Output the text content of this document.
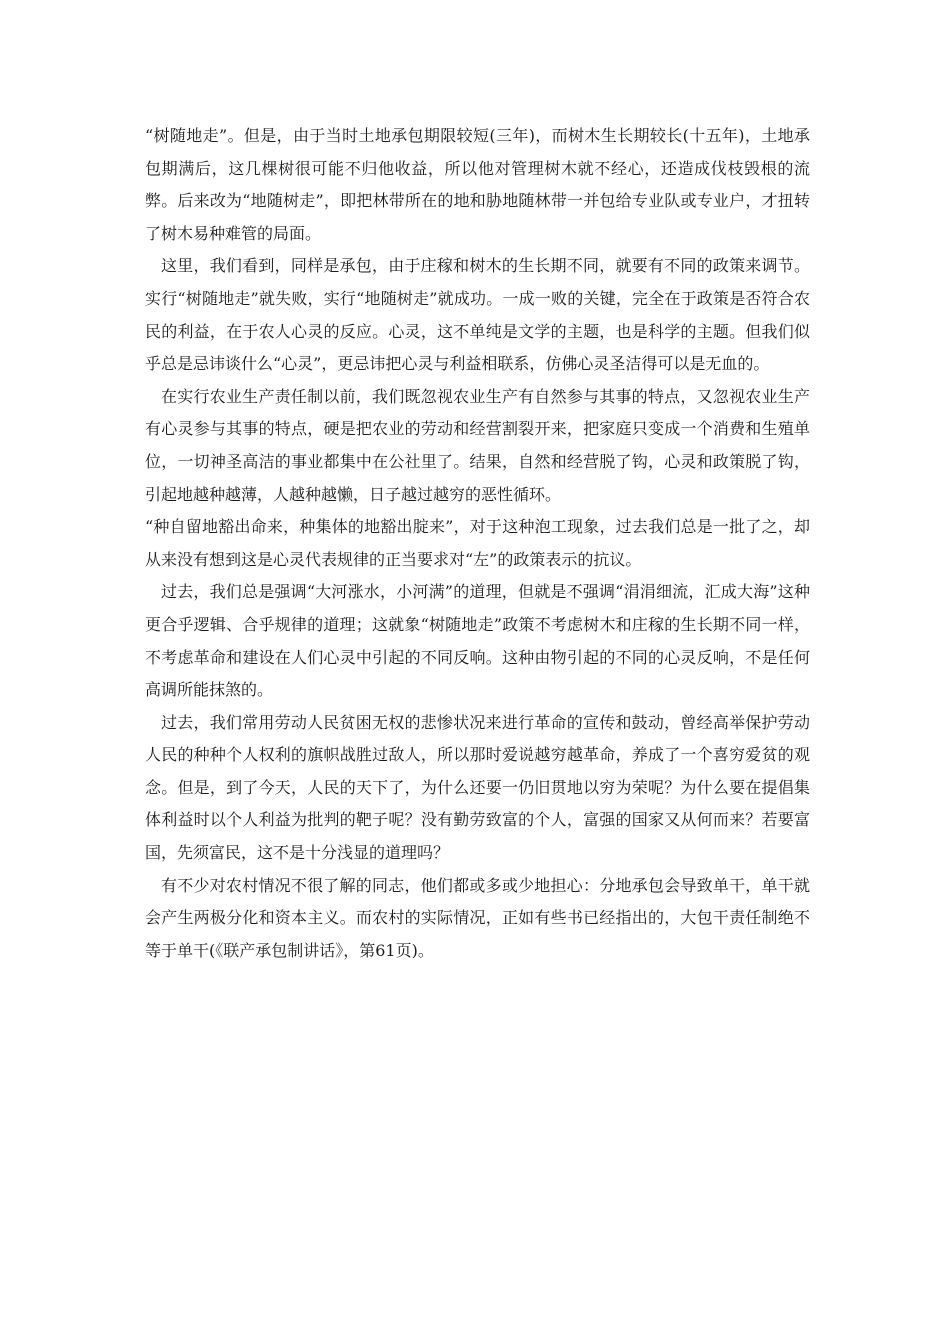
“树随地走”。但是，由于当时土地承包期限较短(三年)，而树木生长期较长(十五年)，土地承包期满后，这几棵树很可能不归他收益，所以他对管理树木就不经心，还造成伐枝毁根的流弊。后来改为“地随树走”，即把林带所在的地和胁地随林带一并包给专业队或专业户，才扭转了树木易种难管的局面。

这里，我们看到，同样是承包，由于庄稼和树木的生长期不同，就要有不同的政策来调节。实行“树随地走”就失败，实行“地随树走”就成功。一成一败的关键，完全在于政策是否符合农民的利益，在于农人心灵的反应。心灵，这不单纯是文学的主题，也是科学的主题。但我们似乎总是忌讳谈什么“心灵”，更忌讳把心灵与利益相联系，仿佛心灵圣洁得可以是无血的。

在实行农业生产责任制以前，我们既忽视农业生产有自然参与其事的特点，又忽视农业生产有心灵参与其事的特点，硬是把农业的劳动和经营割裂开来，把家庭只变成一个消费和生殖单位，一切神圣高洁的事业都集中在公社里了。结果，自然和经营脱了钩，心灵和政策脱了钩，引起地越种越薄，人越种越懒，日子越过越穷的恶性循环。

“种自留地豁出命来，种集体的地豁出腚来”，对于这种泡工现象，过去我们总是一批了之，却从来没有想到这是心灵代表规律的正当要求对“左”的政策表示的抗议。

过去，我们总是强调“大河涨水，小河满”的道理，但就是不强调“涓涓细流，汇成大海”这种更合乎逻辑、合乎规律的道理；这就象“树随地走”政策不考虑树木和庄稼的生长期不同一样，不考虑革命和建设在人们心灵中引起的不同反响。这种由物引起的不同的心灵反响，不是任何高调所能抹煞的。

过去，我们常用劳动人民贫困无权的悲惨状况来进行革命的宣传和鼓动，曾经高举保护劳动人民的种种个人权利的旗帜战胜过敌人，所以那时爱说越穷越革命，养成了一个喜穷爱贫的观念。但是，到了今天，人民的天下了，为什么还要一仍旧贯地以穷为荣呢？为什么要在提倡集体利益时以个人利益为批判的靶子呢？没有勤劳致富的个人，富强的国家又从何而来？若要富国，先须富民，这不是十分浅显的道理吗？

有不少对农村情况不很了解的同志，他们都或多或少地担心：分地承包会导致单干，单干就会产生两极分化和资本主义。而农村的实际情况，正如有些书已经指出的，大包干责任制绝不等于单干(《联产承包制讲话》，第61页)。
